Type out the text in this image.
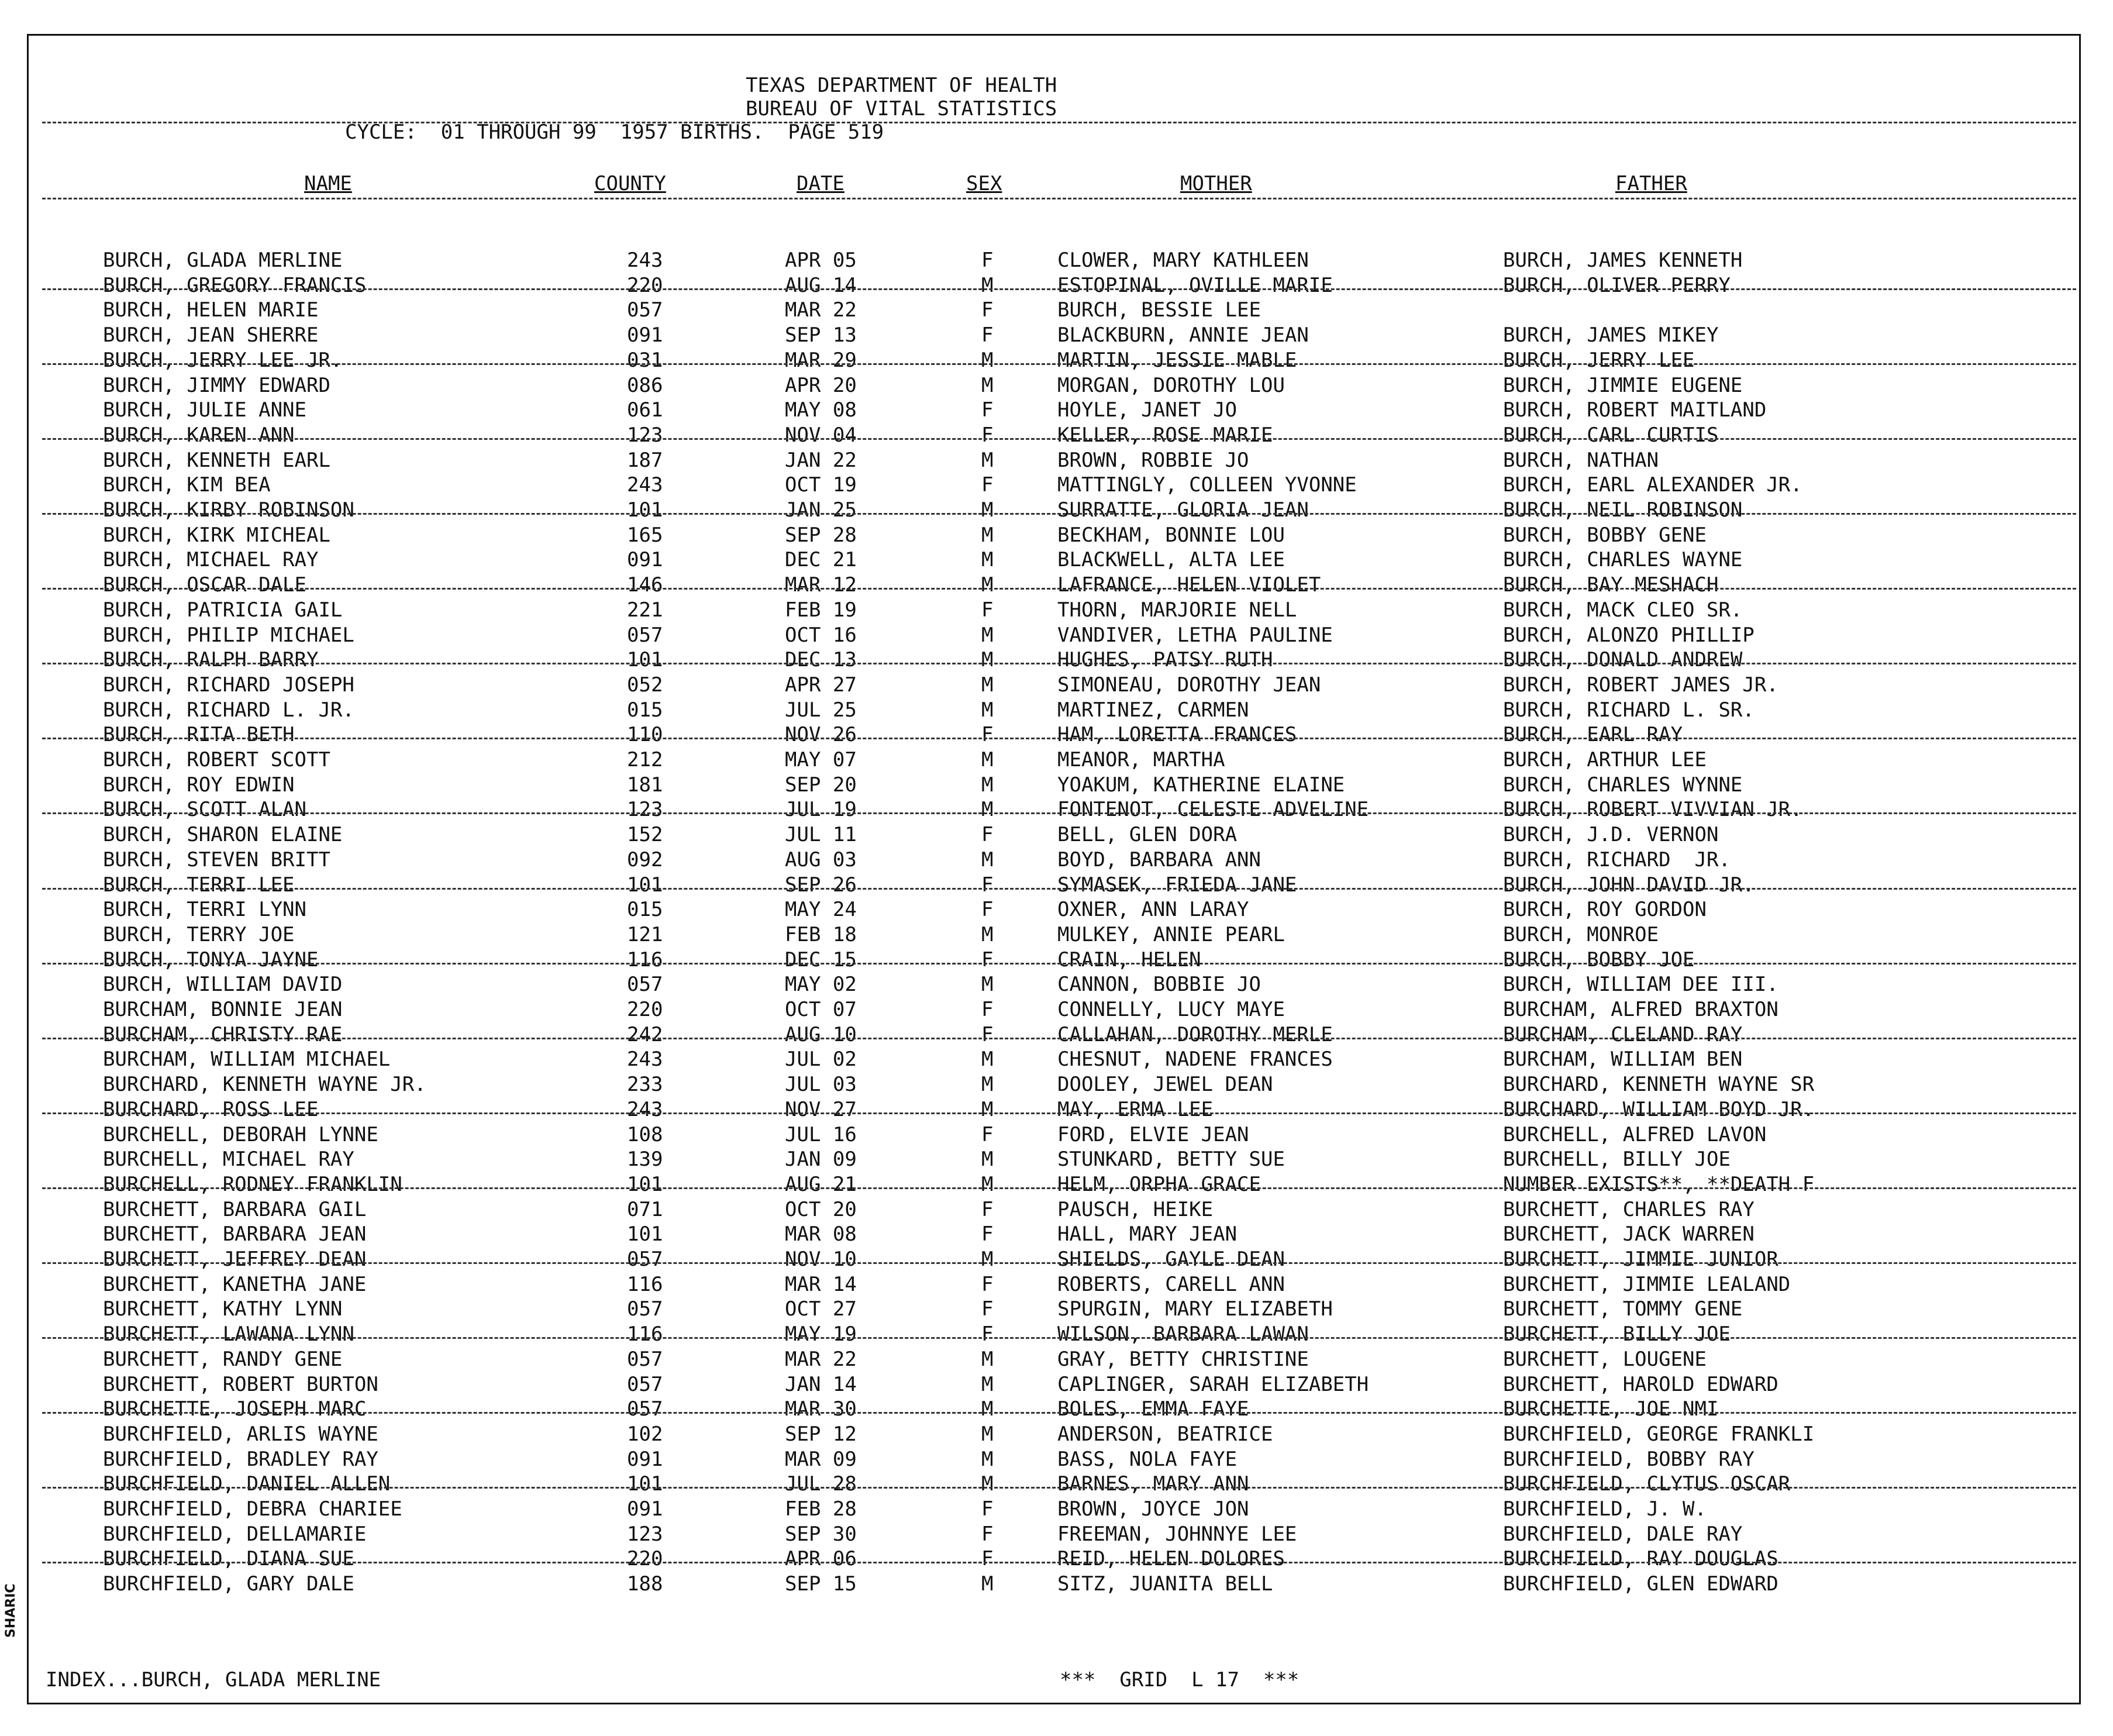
TEXAS DEPARTMENT OF HEALTH
BUREAU OF VITAL STATISTICS
CYCLE:  01 THROUGH 99  1957 BIRTHS.  PAGE 519
NAME	COUNTY	DATE	SEX	MOTHER	FATHER
BURCH, GLADA MERLINE	243	APR 05	F	CLOWER, MARY KATHLEEN	BURCH, JAMES KENNETH
BURCH, GREGORY FRANCIS	220	AUG 14	M	ESTOPINAL, OVILLE MARIE	BURCH, OLIVER PERRY
BURCH, HELEN MARIE	057	MAR 22	F	BURCH, BESSIE LEE
BURCH, JEAN SHERRE	091	SEP 13	F	BLACKBURN, ANNIE JEAN	BURCH, JAMES MIKEY
BURCH, JERRY LEE JR.	031	MAR 29	M	MARTIN, JESSIE MABLE	BURCH, JERRY LEE
BURCH, JIMMY EDWARD	086	APR 20	M	MORGAN, DOROTHY LOU	BURCH, JIMMIE EUGENE
BURCH, JULIE ANNE	061	MAY 08	F	HOYLE, JANET JO	BURCH, ROBERT MAITLAND
BURCH, KAREN ANN	123	NOV 04	F	KELLER, ROSE MARIE	BURCH, CARL CURTIS
BURCH, KENNETH EARL	187	JAN 22	M	BROWN, ROBBIE JO	BURCH, NATHAN
BURCH, KIM BEA	243	OCT 19	F	MATTINGLY, COLLEEN YVONNE	BURCH, EARL ALEXANDER JR.
BURCH, KIRBY ROBINSON	101	JAN 25	M	SURRATTE, GLORIA JEAN	BURCH, NEIL ROBINSON
BURCH, KIRK MICHEAL	165	SEP 28	M	BECKHAM, BONNIE LOU	BURCH, BOBBY GENE
BURCH, MICHAEL RAY	091	DEC 21	M	BLACKWELL, ALTA LEE	BURCH, CHARLES WAYNE
BURCH, OSCAR DALE	146	MAR 12	M	LAFRANCE, HELEN VIOLET	BURCH, BAY MESHACH
BURCH, PATRICIA GAIL	221	FEB 19	F	THORN, MARJORIE NELL	BURCH, MACK CLEO SR.
BURCH, PHILIP MICHAEL	057	OCT 16	M	VANDIVER, LETHA PAULINE	BURCH, ALONZO PHILLIP
BURCH, RALPH BARRY	101	DEC 13	M	HUGHES, PATSY RUTH	BURCH, DONALD ANDREW
BURCH, RICHARD JOSEPH	052	APR 27	M	SIMONEAU, DOROTHY JEAN	BURCH, ROBERT JAMES JR.
BURCH, RICHARD L. JR.	015	JUL 25	M	MARTINEZ, CARMEN	BURCH, RICHARD L. SR.
BURCH, RITA BETH	110	NOV 26	F	HAM, LORETTA FRANCES	BURCH, EARL RAY
BURCH, ROBERT SCOTT	212	MAY 07	M	MEANOR, MARTHA	BURCH, ARTHUR LEE
BURCH, ROY EDWIN	181	SEP 20	M	YOAKUM, KATHERINE ELAINE	BURCH, CHARLES WYNNE
BURCH, SCOTT ALAN	123	JUL 19	M	FONTENOT, CELESTE ADVELINE	BURCH, ROBERT VIVVIAN JR.
BURCH, SHARON ELAINE	152	JUL 11	F	BELL, GLEN DORA	BURCH, J.D. VERNON
BURCH, STEVEN BRITT	092	AUG 03	M	BOYD, BARBARA ANN	BURCH, RICHARD  JR.
BURCH, TERRI LEE	101	SEP 26	F	SYMASEK, FRIEDA JANE	BURCH, JOHN DAVID JR.
BURCH, TERRI LYNN	015	MAY 24	F	OXNER, ANN LARAY	BURCH, ROY GORDON
BURCH, TERRY JOE	121	FEB 18	M	MULKEY, ANNIE PEARL	BURCH, MONROE
BURCH, TONYA JAYNE	116	DEC 15	F	CRAIN, HELEN	BURCH, BOBBY JOE
BURCH, WILLIAM DAVID	057	MAY 02	M	CANNON, BOBBIE JO	BURCH, WILLIAM DEE III.
BURCHAM, BONNIE JEAN	220	OCT 07	F	CONNELLY, LUCY MAYE	BURCHAM, ALFRED BRAXTON
BURCHAM, CHRISTY RAE	242	AUG 10	F	CALLAHAN, DOROTHY MERLE	BURCHAM, CLELAND RAY
BURCHAM, WILLIAM MICHAEL	243	JUL 02	M	CHESNUT, NADENE FRANCES	BURCHAM, WILLIAM BEN
BURCHARD, KENNETH WAYNE JR.	233	JUL 03	M	DOOLEY, JEWEL DEAN	BURCHARD, KENNETH WAYNE SR
BURCHARD, ROSS LEE	243	NOV 27	M	MAY, ERMA LEE	BURCHARD, WILLIAM BOYD JR.
BURCHELL, DEBORAH LYNNE	108	JUL 16	F	FORD, ELVIE JEAN	BURCHELL, ALFRED LAVON
BURCHELL, MICHAEL RAY	139	JAN 09	M	STUNKARD, BETTY SUE	BURCHELL, BILLY JOE
BURCHELL, RODNEY FRANKLIN	101	AUG 21	M	HELM, ORPHA GRACE	NUMBER EXISTS**, **DEATH F
BURCHETT, BARBARA GAIL	071	OCT 20	F	PAUSCH, HEIKE	BURCHETT, CHARLES RAY
BURCHETT, BARBARA JEAN	101	MAR 08	F	HALL, MARY JEAN	BURCHETT, JACK WARREN
BURCHETT, JEFFREY DEAN	057	NOV 10	M	SHIELDS, GAYLE DEAN	BURCHETT, JIMMIE JUNIOR
BURCHETT, KANETHA JANE	116	MAR 14	F	ROBERTS, CARELL ANN	BURCHETT, JIMMIE LEALAND
BURCHETT, KATHY LYNN	057	OCT 27	F	SPURGIN, MARY ELIZABETH	BURCHETT, TOMMY GENE
BURCHETT, LAWANA LYNN	116	MAY 19	F	WILSON, BARBARA LAWAN	BURCHETT, BILLY JOE
BURCHETT, RANDY GENE	057	MAR 22	M	GRAY, BETTY CHRISTINE	BURCHETT, LOUGENE
BURCHETT, ROBERT BURTON	057	JAN 14	M	CAPLINGER, SARAH ELIZABETH	BURCHETT, HAROLD EDWARD
BURCHETTE, JOSEPH MARC	057	MAR 30	M	BOLES, EMMA FAYE	BURCHETTE, JOE NMI
BURCHFIELD, ARLIS WAYNE	102	SEP 12	M	ANDERSON, BEATRICE	BURCHFIELD, GEORGE FRANKLI
BURCHFIELD, BRADLEY RAY	091	MAR 09	M	BASS, NOLA FAYE	BURCHFIELD, BOBBY RAY
BURCHFIELD, DANIEL ALLEN	101	JUL 28	M	BARNES, MARY ANN	BURCHFIELD, CLYTUS OSCAR
BURCHFIELD, DEBRA CHARIEE	091	FEB 28	F	BROWN, JOYCE JON	BURCHFIELD, J. W.
BURCHFIELD, DELLAMARIE	123	SEP 30	F	FREEMAN, JOHNNYE LEE	BURCHFIELD, DALE RAY
BURCHFIELD, DIANA SUE	220	APR 06	F	REID, HELEN DOLORES	BURCHFIELD, RAY DOUGLAS
BURCHFIELD, GARY DALE	188	SEP 15	M	SITZ, JUANITA BELL	BURCHFIELD, GLEN EDWARD
INDEX...BURCH, GLADA MERLINE	***  GRID  L 17  ***
SHARIC
